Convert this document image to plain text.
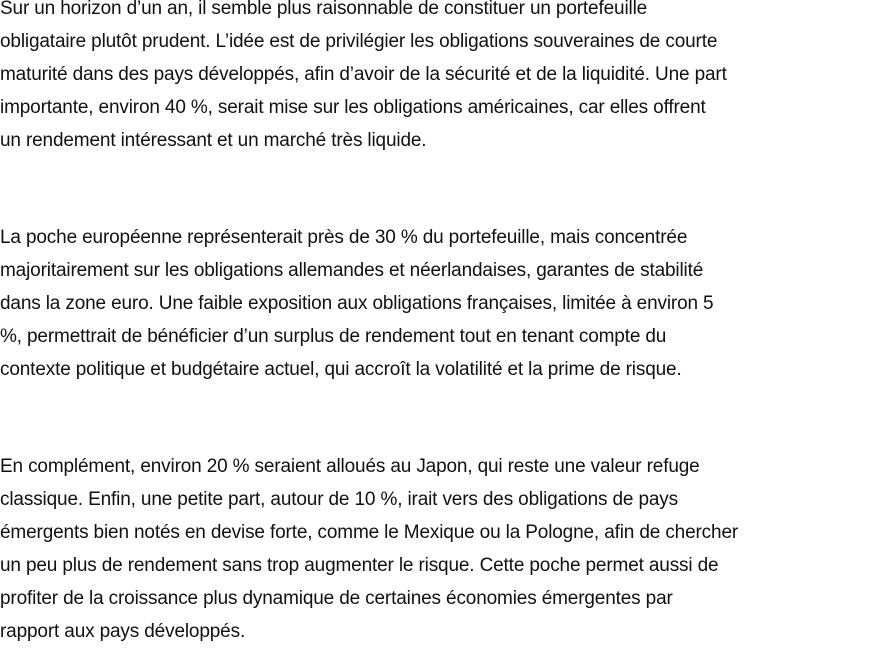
Sur un horizon d’un an, il semble plus raisonnable de constituer un portefeuille
obligataire plutôt prudent. L’idée est de privilégier les obligations souveraines de courte
maturité dans des pays développés, afin d’avoir de la sécurité et de la liquidité. Une part
importante, environ 40 %, serait mise sur les obligations américaines, car elles offrent
un rendement intéressant et un marché très liquide.

La poche européenne représenterait près de 30 % du portefeuille, mais concentrée
majoritairement sur les obligations allemandes et néerlandaises, garantes de stabilité
dans la zone euro. Une faible exposition aux obligations françaises, limitée à environ 5
%, permettrait de bénéficier d’un surplus de rendement tout en tenant compte du
contexte politique et budgétaire actuel, qui accroît la volatilité et la prime de risque.

En complément, environ 20 % seraient alloués au Japon, qui reste une valeur refuge
classique. Enfin, une petite part, autour de 10 %, irait vers des obligations de pays
émergents bien notés en devise forte, comme le Mexique ou la Pologne, afin de chercher
un peu plus de rendement sans trop augmenter le risque. Cette poche permet aussi de
profiter de la croissance plus dynamique de certaines économies émergentes par
rapport aux pays développés.
